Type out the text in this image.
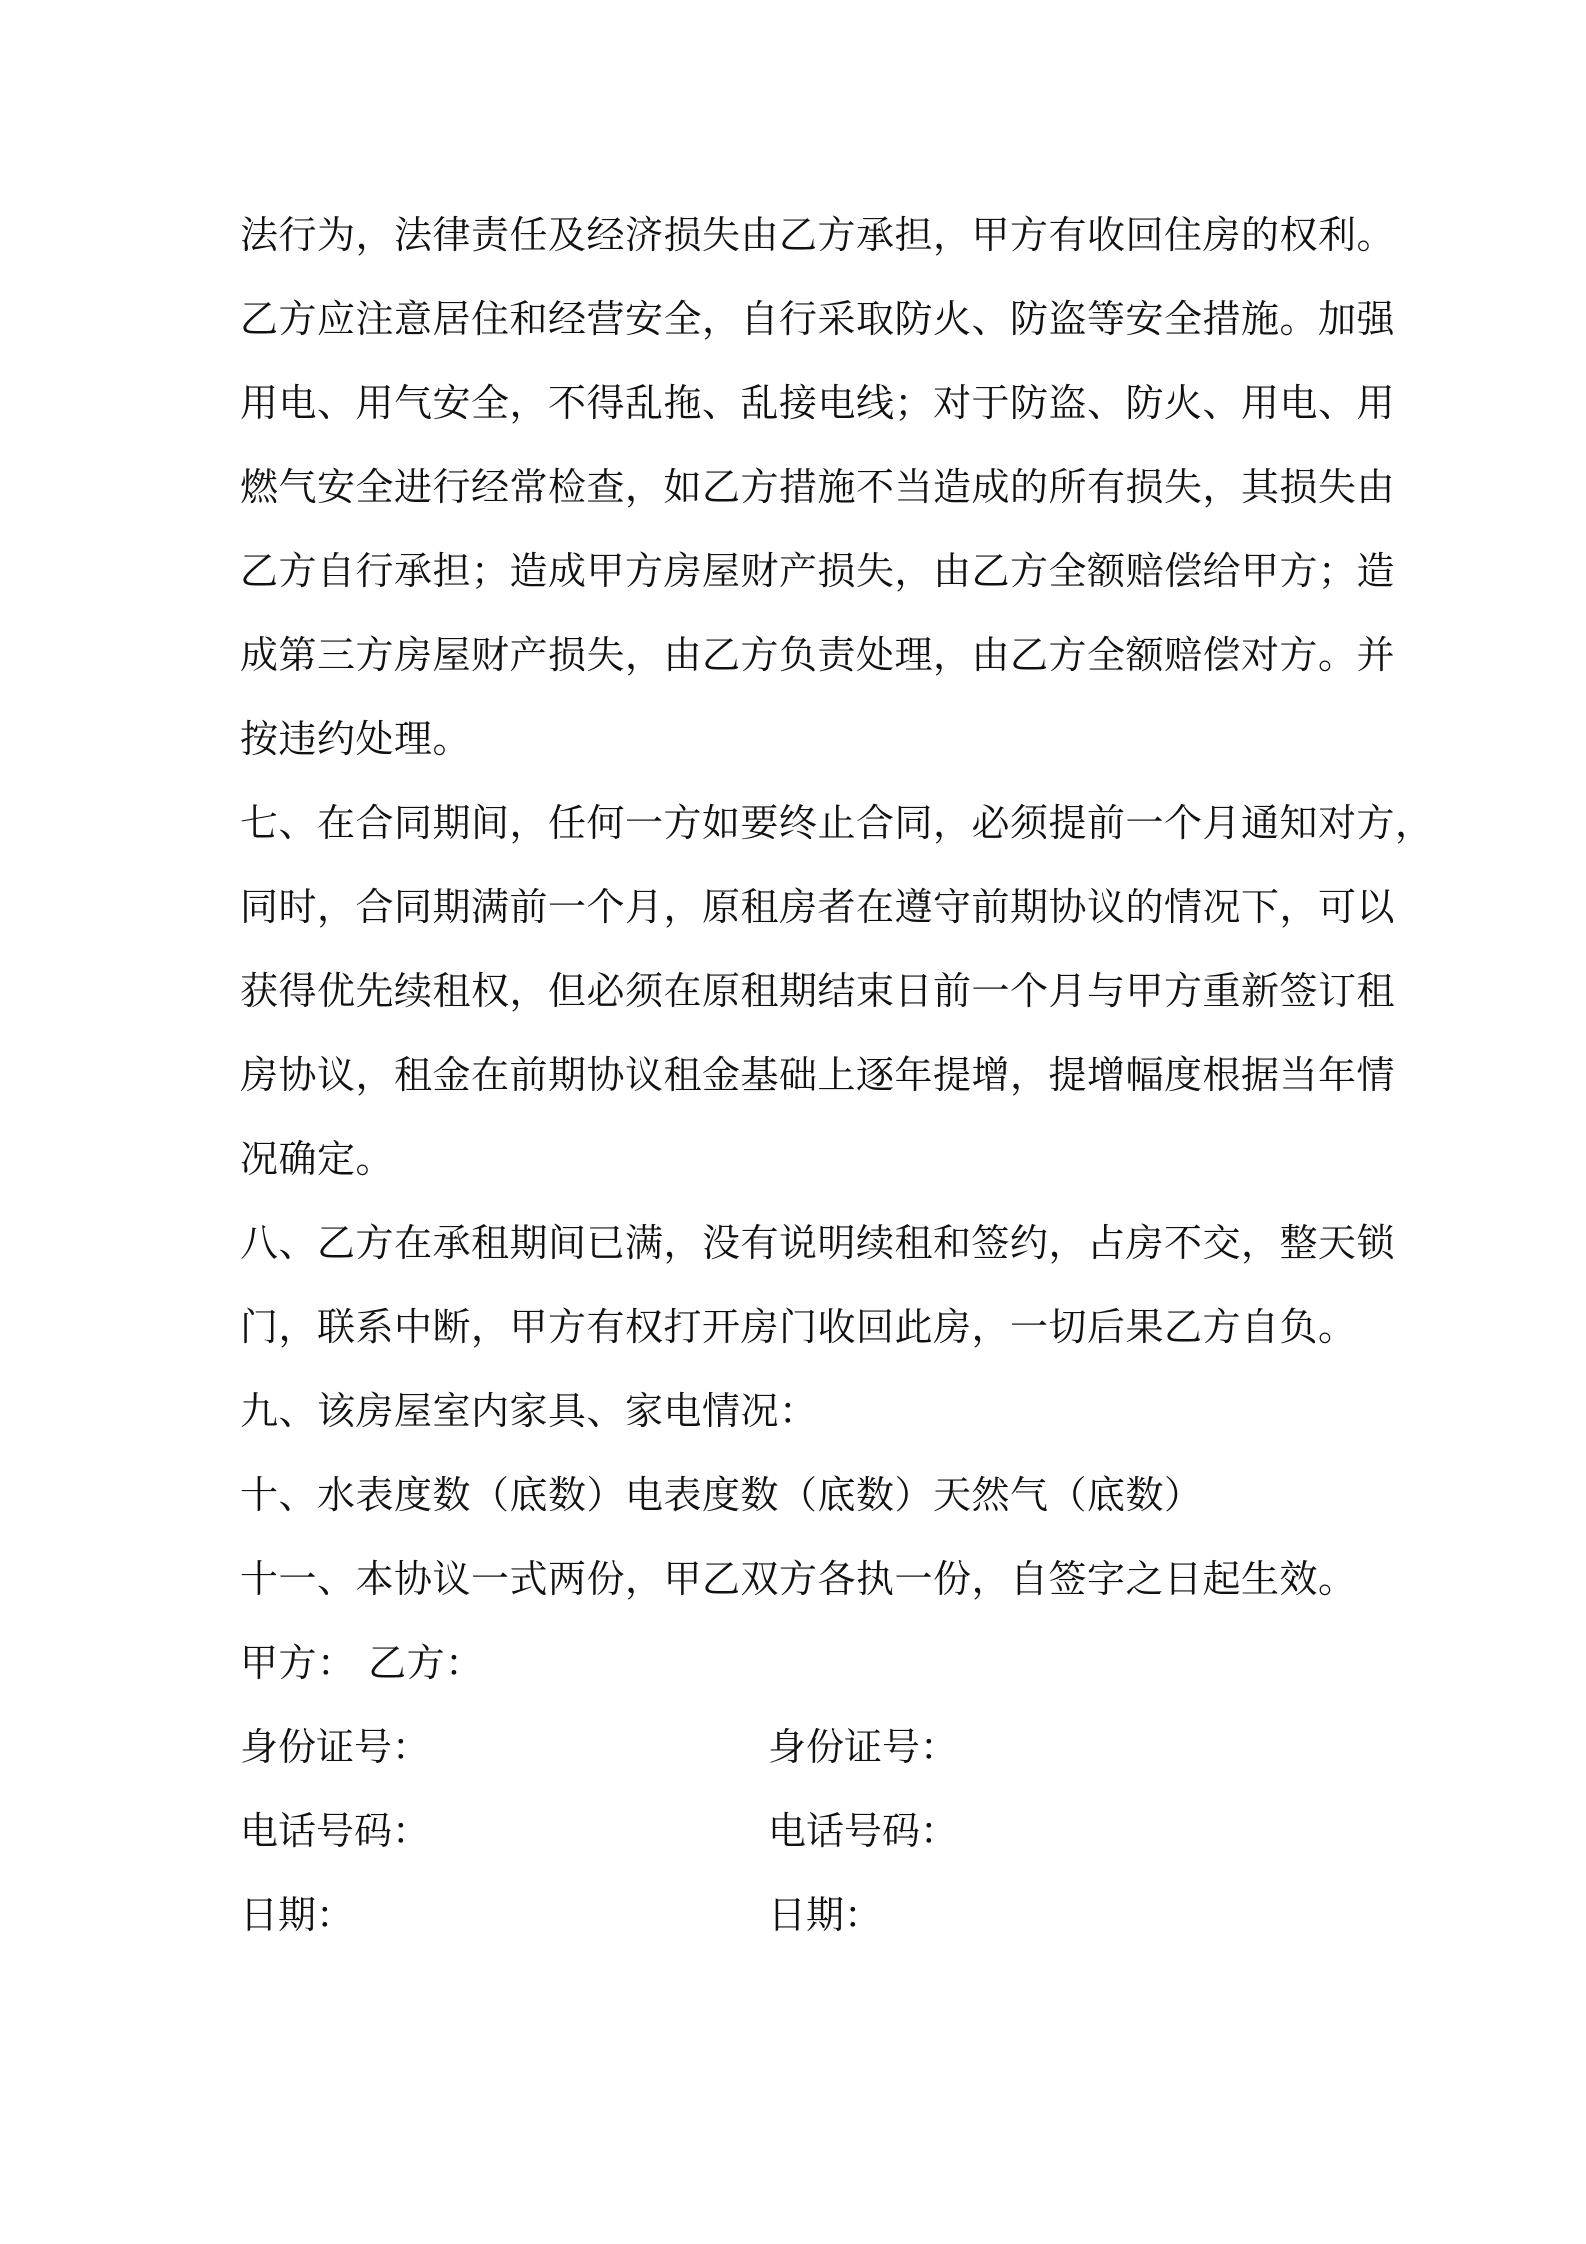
法行为，法律责任及经济损失由乙方承担，甲方有收回住房的权利。
乙方应注意居住和经营安全，自行采取防火、防盗等安全措施。加强
用电、用气安全，不得乱拖、乱接电线；对于防盗、防火、用电、用
燃气安全进行经常检查，如乙方措施不当造成的所有损失，其损失由
乙方自行承担；造成甲方房屋财产损失，由乙方全额赔偿给甲方；造
成第三方房屋财产损失，由乙方负责处理，由乙方全额赔偿对方。并
按违约处理。
七、在合同期间，任何一方如要终止合同，必须提前一个月通知对方，
同时，合同期满前一个月，原租房者在遵守前期协议的情况下，可以
获得优先续租权，但必须在原租期结束日前一个月与甲方重新签订租
房协议，租金在前期协议租金基础上逐年提增，提增幅度根据当年情
况确定。
八、乙方在承租期间已满，没有说明续租和签约，占房不交，整天锁
门，联系中断，甲方有权打开房门收回此房，一切后果乙方自负。
九、该房屋室内家具、家电情况：
十、水表度数（底数）电表度数（底数）天然气（底数）
十一、本协议一式两份，甲乙双方各执一份，自签字之日起生效。
甲方： 乙方：
身份证号：	身份证号：
电话号码：	电话号码：
日期：	日期：
